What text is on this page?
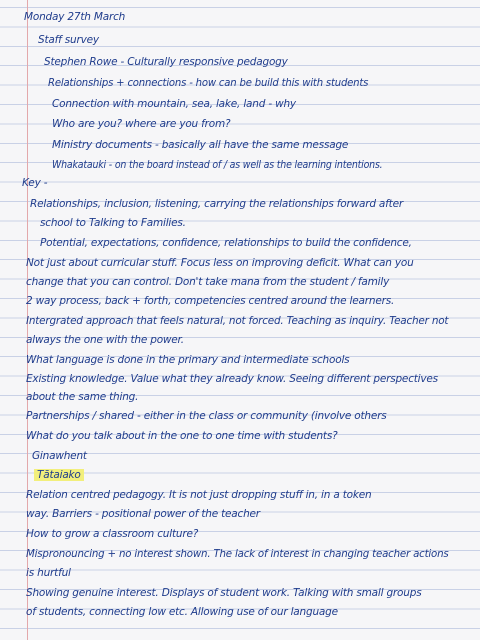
Monday 27th March
Staff survey
Stephen Rowe - Culturally responsive pedagogy
Relationships + connections - how can be build this with students
Connection with mountain, sea, lake, land - why
Who are you? where are you from?
Ministry documents - basically all have the same message
Whakatauki - on the board instead of / as well as the learning intentions.
Key -
Relationships, inclusion, listening, carrying the relationships forward after
school to Talking to Families.
Potential, expectations, confidence, relationships to build the confidence,
Not just about curricular stuff. Focus less on improving deficit. What can you
change that you can control. Don't take mana from the student / family
2 way process, back + forth, competencies centred around the learners.
Intergrated approach that feels natural, not forced. Teaching as inquiry. Teacher not
always the one with the power.
What language is done in the primary and intermediate schools
Existing knowledge. Value what they already know. Seeing different perspectives
about the same thing.
Partnerships / shared - either in the class or community (involve others
What do you talk about in the one to one time with students?
Ginawhent
Tātaiako
Relation centred pedagogy. It is not just dropping stuff in, in a token
way. Barriers - positional power of the teacher
How to grow a classroom culture?
Mispronouncing + no interest shown. The lack of interest in changing teacher actions
is hurtful
Showing genuine interest. Displays of student work. Talking with small groups
of students, connecting low etc. Allowing use of our language
